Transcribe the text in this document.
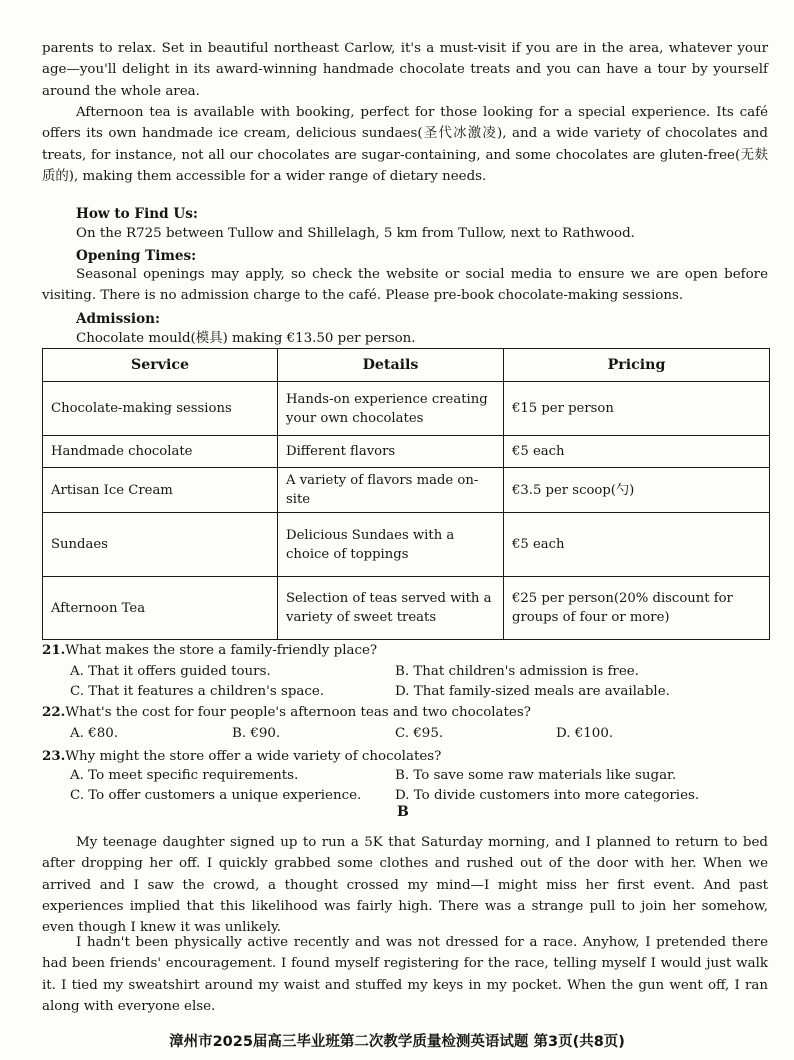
parents to relax. Set in beautiful northeast Carlow, it's a must-visit if you are in the area, whatever your age—you'll delight in its award-winning handmade chocolate treats and you can have a tour by yourself around the whole area.

Afternoon tea is available with booking, perfect for those looking for a special experience. Its café offers its own handmade ice cream, delicious sundaes(圣代冰激凌), and a wide variety of chocolates and treats, for instance, not all our chocolates are sugar-containing, and some chocolates are gluten-free(无麸质的), making them accessible for a wider range of dietary needs.

How to Find Us:
On the R725 between Tullow and Shillelagh, 5 km from Tullow, next to Rathwood.
Opening Times:

Seasonal openings may apply, so check the website or social media to ensure we are open before visiting. There is no admission charge to the café. Please pre-book chocolate-making sessions.

Admission:
Chocolate mould(模具) making €13.50 per person.
Service	Details	Pricing
Chocolate-making sessions	Hands-on experience creating your own chocolates	€15 per person
Handmade chocolate	Different flavors	€5 each
Artisan Ice Cream	A variety of flavors made on-site	€3.5 per scoop(勺)
Sundaes	Delicious Sundaes with a choice of toppings	€5 each
Afternoon Tea	Selection of teas served with a variety of sweet treats	€25 per person(20% discount for groups of four or more)
21.What makes the store a family-friendly place?
A. That it offers guided tours.	B. That children's admission is free.
C. That it features a children's space.	D. That family-sized meals are available.
22.What's the cost for four people's afternoon teas and two chocolates?
A. €80.	B. €90.	C. €95.	D. €100.
23.Why might the store offer a wide variety of chocolates?
A. To meet specific requirements.	B. To save some raw materials like sugar.
C. To offer customers a unique experience.	D. To divide customers into more categories.
B

My teenage daughter signed up to run a 5K that Saturday morning, and I planned to return to bed after dropping her off. I quickly grabbed some clothes and rushed out of the door with her. When we arrived and I saw the crowd, a thought crossed my mind—I might miss her first event. And past experiences implied that this likelihood was fairly high. There was a strange pull to join her somehow, even though I knew it was unlikely.

I hadn't been physically active recently and was not dressed for a race. Anyhow, I pretended there had been friends' encouragement. I found myself registering for the race, telling myself I would just walk it. I tied my sweatshirt around my waist and stuffed my keys in my pocket. When the gun went off, I ran along with everyone else.

漳州市2025届高三毕业班第二次教学质量检测英语试题 第3页(共8页)
